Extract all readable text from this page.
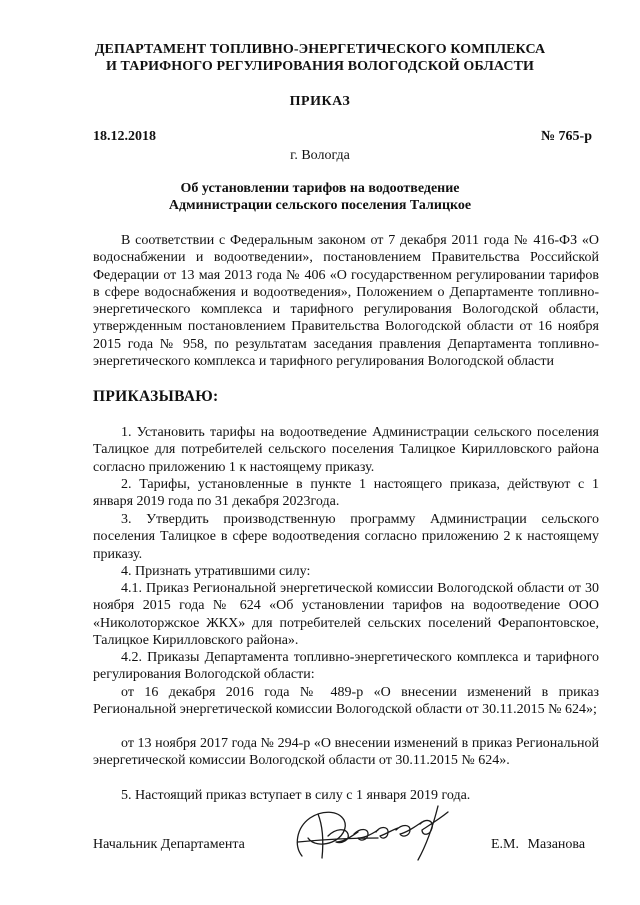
ДЕПАРТАМЕНТ ТОПЛИВНО-ЭНЕРГЕТИЧЕСКОГО КОМПЛЕКСА
И ТАРИФНОГО РЕГУЛИРОВАНИЯ ВОЛОГОДСКОЙ ОБЛАСТИ
ПРИКАЗ
18.12.2018	№ 765-р
г. Вологда
Об установлении тарифов на водоотведение
Администрации сельского поселения Талицкое
В соответствии с Федеральным законом от 7 декабря 2011 года № 416-ФЗ «О водоснабжении и водоотведении», постановлением Правительства Российской Федерации от 13 мая 2013 года № 406 «О государственном регулировании тарифов в сфере водоснабжения и водоотведения», Положением о Департаменте топливно-энергетического комплекса и тарифного регулирования Вологодской области, утвержденным постановлением Правительства Вологодской области от 16 ноября 2015 года № 958, по результатам заседания правления Департамента топливно-энергетического комплекса и тарифного регулирования Вологодской области
ПРИКАЗЫВАЮ:
1. Установить тарифы на водоотведение Администрации сельского поселения Талицкое для потребителей сельского поселения Талицкое Кирилловского района согласно приложению 1 к настоящему приказу.
2. Тарифы, установленные в пункте 1 настоящего приказа, действуют с 1 января 2019 года по 31 декабря 2023года.
3. Утвердить производственную программу Администрации сельского поселения Талицкое в сфере водоотведения согласно приложению 2 к настоящему приказу.
4. Признать утратившими силу:
4.1. Приказ Региональной энергетической комиссии Вологодской области от 30 ноября 2015 года № 624 «Об установлении тарифов на водоотведение ООО «Николоторжское ЖКХ» для потребителей сельских поселений Ферапонтовское, Талицкое Кирилловского района».
4.2. Приказы Департамента топливно-энергетического комплекса и тарифного регулирования Вологодской области:
от 16 декабря 2016 года № 489-р «О внесении изменений в приказ Региональной энергетической комиссии Вологодской области от 30.11.2015 № 624»;
от 13 ноября 2017 года № 294-р «О внесении изменений в приказ Региональной энергетической комиссии Вологодской области от 30.11.2015 № 624».
5. Настоящий приказ вступает в силу с 1 января 2019 года.
Начальник Департамента	Е.М. Мазанова
